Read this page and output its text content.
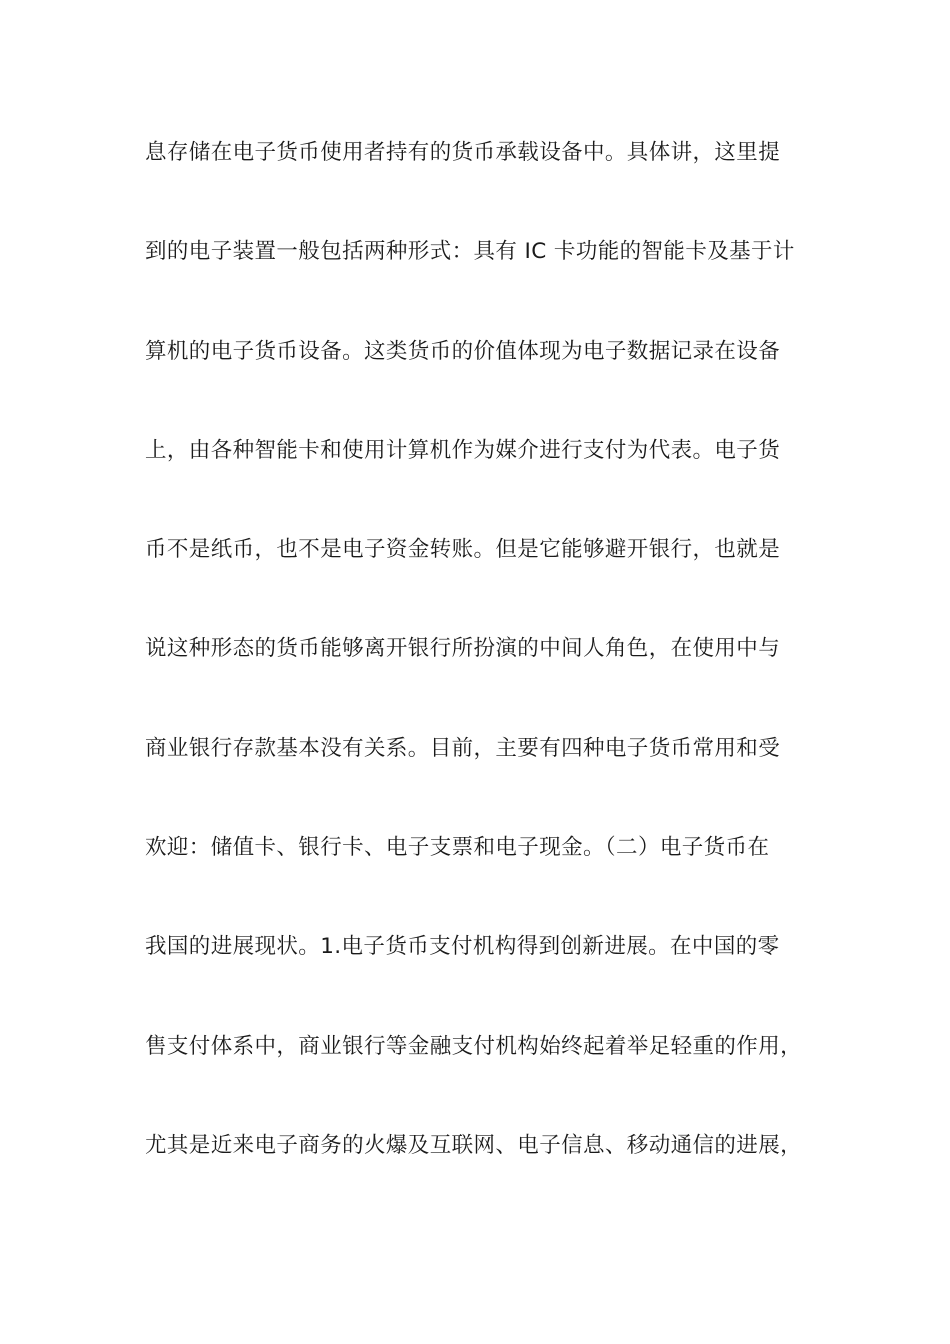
息存储在电子货币使用者持有的货币承载设备中。具体讲，这里提
到的电子装置一般包括两种形式：具有 IC 卡功能的智能卡及基于计
算机的电子货币设备。这类货币的价值体现为电子数据记录在设备
上，由各种智能卡和使用计算机作为媒介进行支付为代表。电子货
币不是纸币，也不是电子资金转账。但是它能够避开银行，也就是
说这种形态的货币能够离开银行所扮演的中间人角色，在使用中与
商业银行存款基本没有关系。目前，主要有四种电子货币常用和受
欢迎：储值卡、银行卡、电子支票和电子现金。（二）电子货币在
我国的进展现状。1.电子货币支付机构得到创新进展。在中国的零
售支付体系中，商业银行等金融支付机构始终起着举足轻重的作用，
尤其是近来电子商务的火爆及互联网、电子信息、移动通信的进展，
